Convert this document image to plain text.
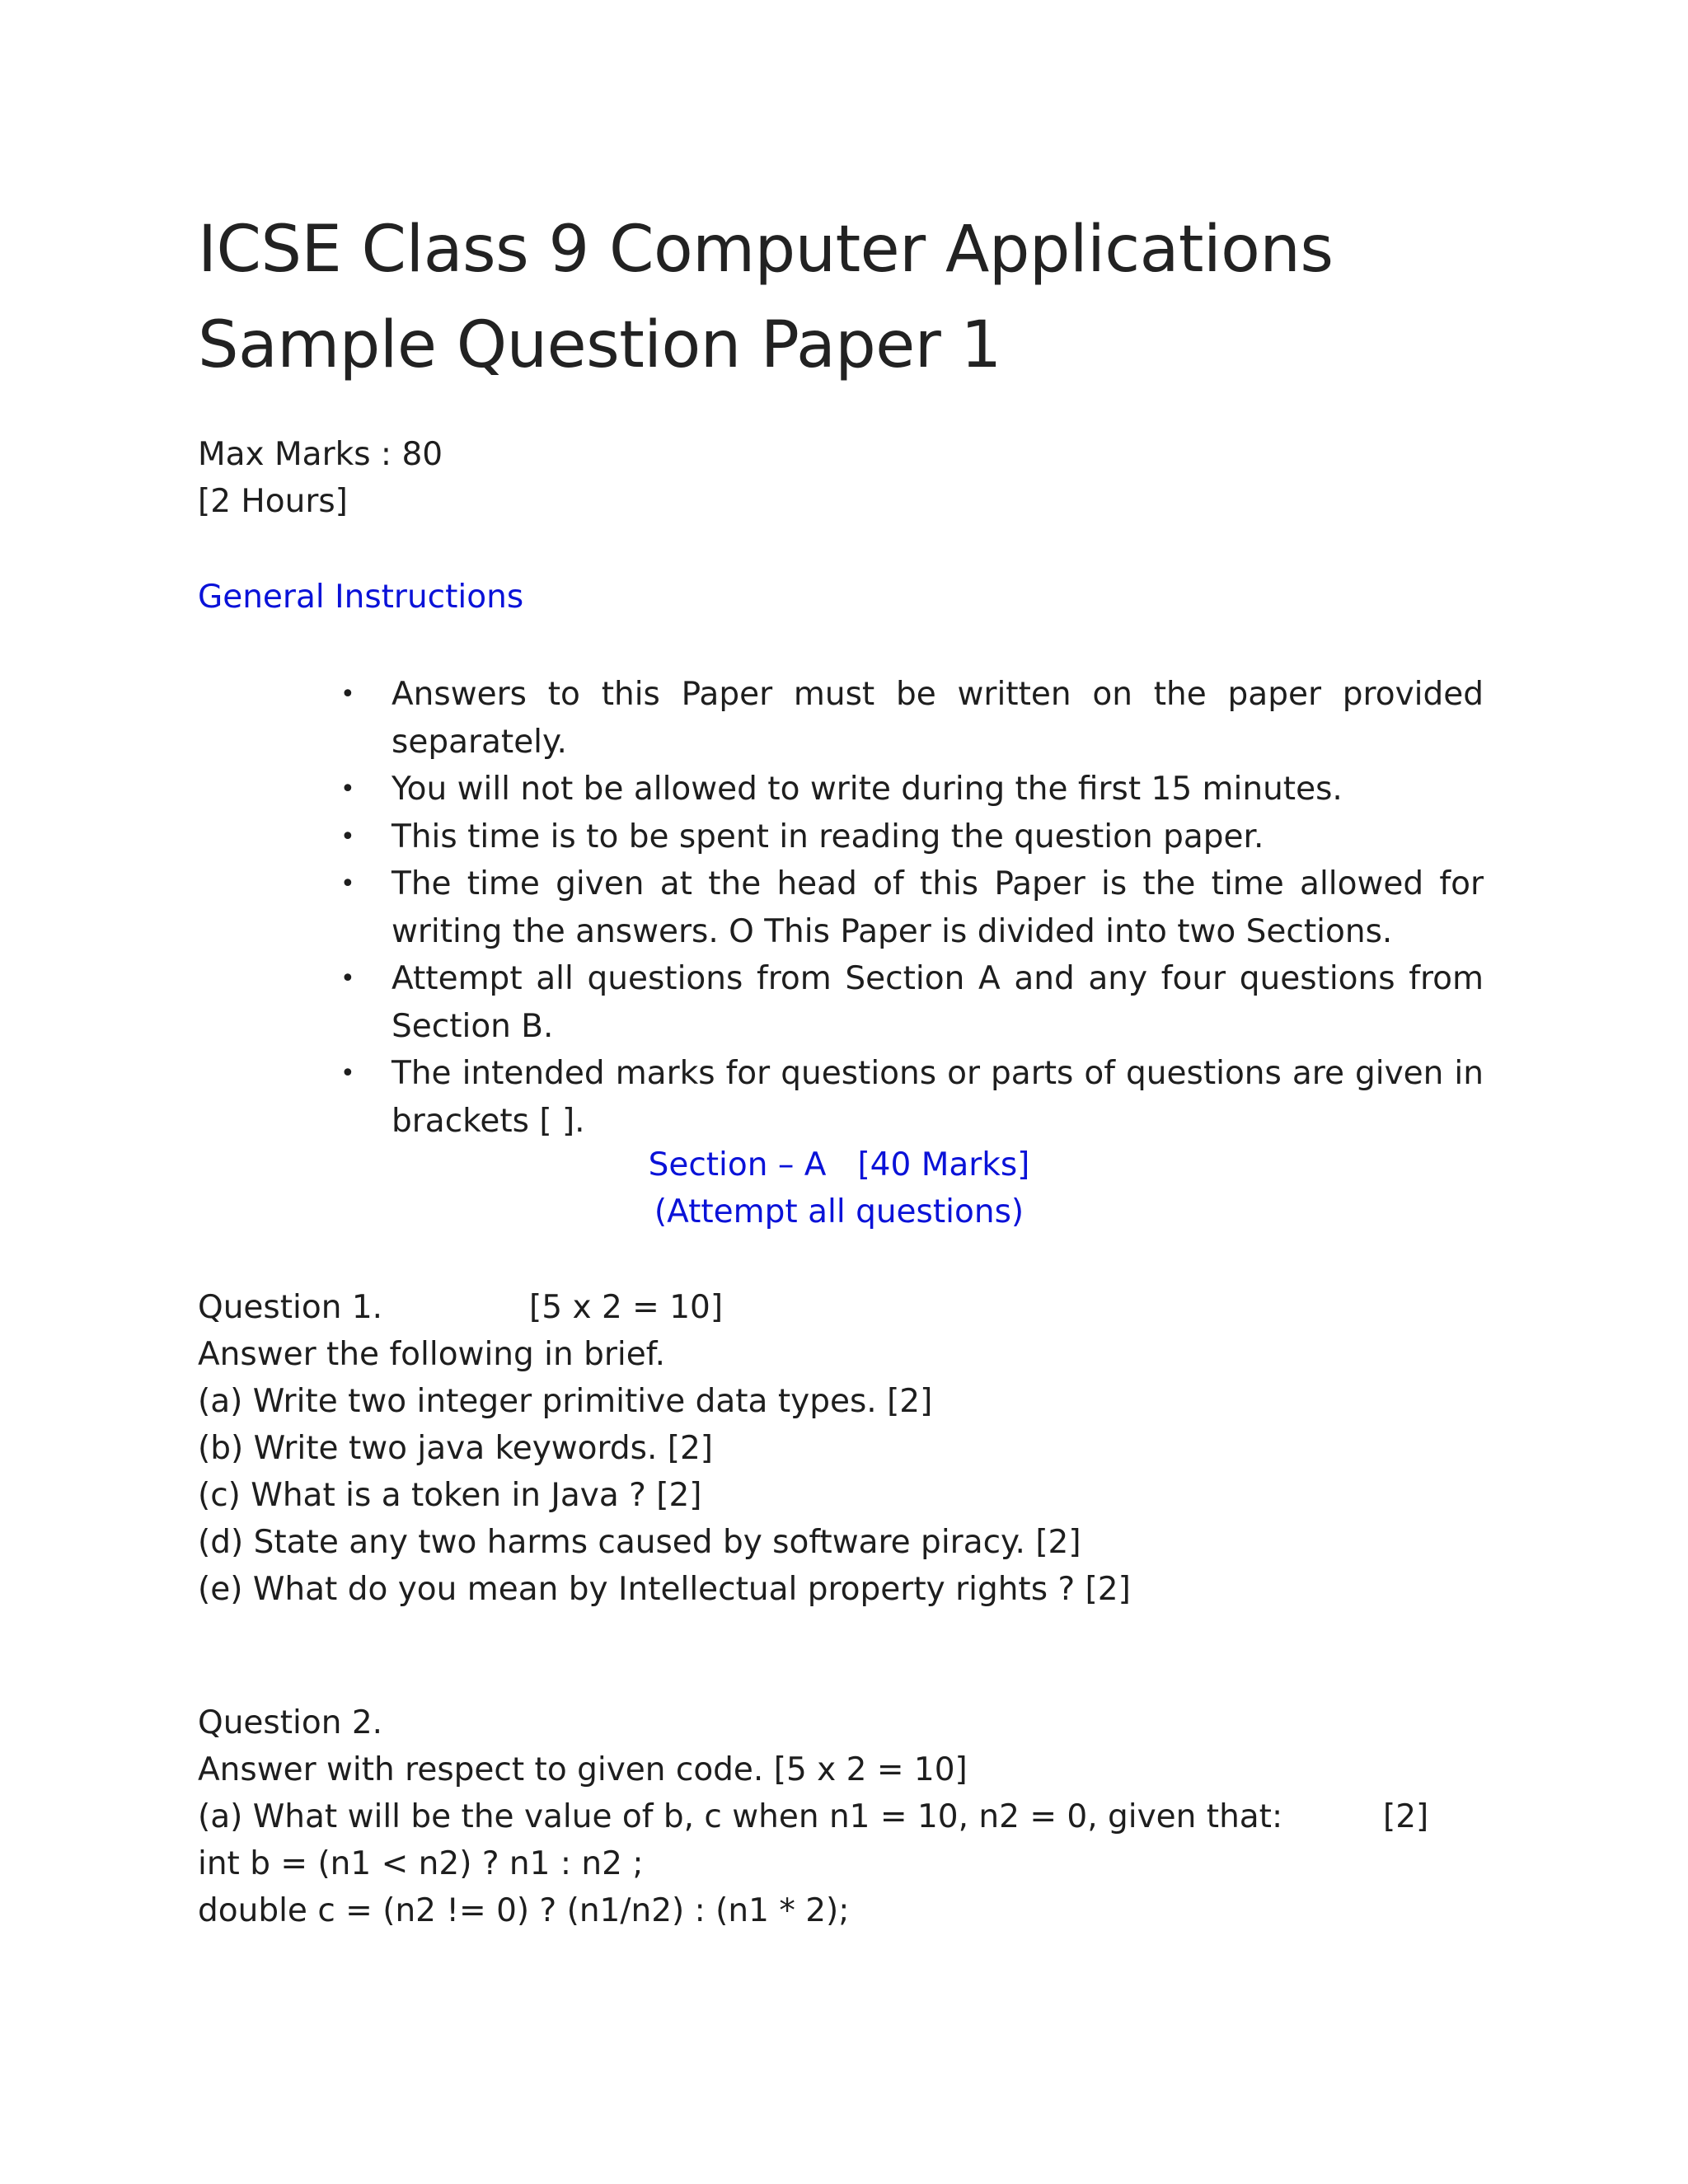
ICSE Class 9 Computer Applications
Sample Question Paper 1

Max Marks : 80

[2 Hours]

General Instructions

• Answers to this Paper must be written on the paper provided separately.
• You will not be allowed to write during the first 15 minutes.
• This time is to be spent in reading the question paper.
• The time given at the head of this Paper is the time allowed for writing the answers. O This Paper is divided into two Sections.
• Attempt all questions from Section A and any four questions from Section B.
• The intended marks for questions or parts of questions are given in brackets [ ].

Section – A [40 Marks]

(Attempt all questions)

Question 1.	[5 x 2 = 10]

Answer the following in brief.

(a) Write two integer primitive data types. [2]

(b) Write two java keywords. [2]

(c) What is a token in Java ? [2]

(d) State any two harms caused by software piracy. [2]

(e) What do you mean by Intellectual property rights ? [2]

Question 2.

Answer with respect to given code. [5 x 2 = 10]

(a) What will be the value of b, c when n1 = 10, n2 = 0, given that:	[2]

int b = (n1 < n2) ? n1 : n2 ;

double c = (n2 != 0) ? (n1/n2) : (n1 * 2);
